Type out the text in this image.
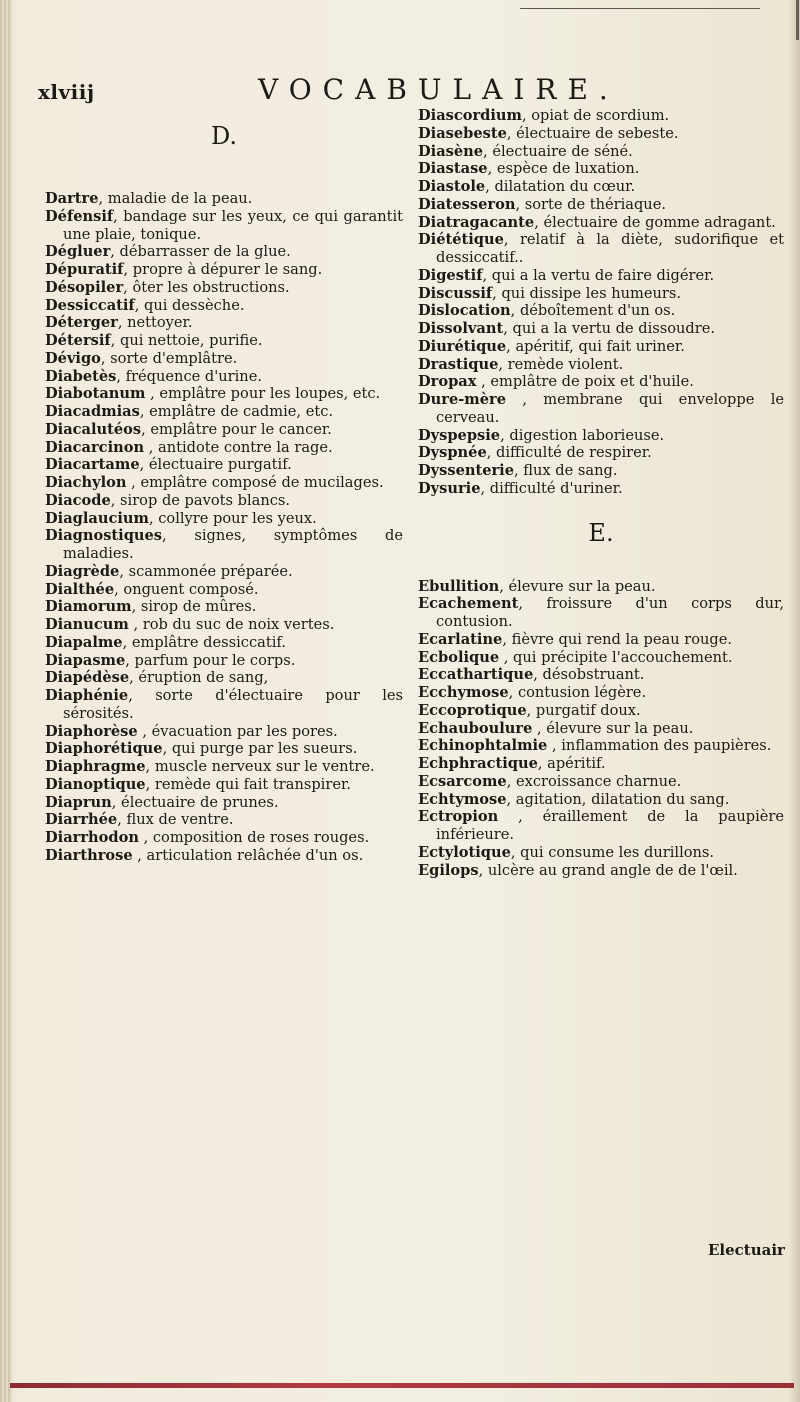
xlviij	VOCABULAIRE.
D.

Dartre, maladie de la peau.

Défensif, bandage sur les yeux, ce qui garantit une plaie, tonique.

Dégluer, débarrasser de la glue.

Dépuratif, propre à dépurer le sang.

Désopiler, ôter les obstructions.

Dessiccatif, qui dessèche.

Déterger, nettoyer.

Détersif, qui nettoie, purifie.

Dévigo, sorte d'emplâtre.

Diabetès, fréquence d'urine.

Diabotanum , emplâtre pour les loupes, etc.

Diacadmias, emplâtre de cadmie, etc.

Diacalutéos, emplâtre pour le cancer.

Diacarcinon , antidote contre la rage.

Diacartame, électuaire purgatif.

Diachylon , emplâtre composé de mucilages.

Diacode, sirop de pavots blancs.

Diaglaucium, collyre pour les yeux.

Diagnostiques, signes, symptômes de maladies.

Diagrède, scammonée préparée.

Dialthée, onguent composé.

Diamorum, sirop de mûres.

Dianucum , rob du suc de noix vertes.

Diapalme, emplâtre dessiccatif.

Diapasme, parfum pour le corps.

Diapédèse, éruption de sang,

Diaphénie, sorte d'électuaire pour les sérosités.

Diaphorèse , évacuation par les pores.

Diaphorétique, qui purge par les sueurs.

Diaphragme, muscle nerveux sur le ventre.

Dianoptique, remède qui fait transpirer.

Diaprun, électuaire de prunes.

Diarrhée, flux de ventre.

Diarrhodon , composition de roses rouges.

Diarthrose , articulation relâchée d'un os.

Diascordium, opiat de scordium.

Diasebeste, électuaire de sebeste.

Diasène, électuaire de séné.

Diastase, espèce de luxation.

Diastole, dilatation du cœur.

Diatesseron, sorte de thériaque.

Diatragacante, électuaire de gomme adragant.

Diététique, relatif à la diète, sudorifique et dessiccatif..

Digestif, qui a la vertu de faire digérer.

Discussif, qui dissipe les humeurs.

Dislocation, déboîtement d'un os.

Dissolvant, qui a la vertu de dissoudre.

Diurétique, apéritif, qui fait uriner.

Drastique, remède violent.

Dropax , emplâtre de poix et d'huile.

Dure-mère , membrane qui enveloppe le cerveau.

Dyspepsie, digestion laborieuse.

Dyspnée, difficulté de respirer.

Dyssenterie, flux de sang.

Dysurie, difficulté d'uriner.

E.

Ebullition, élevure sur la peau.

Ecachement, froissure d'un corps dur, contusion.

Ecarlatine, fièvre qui rend la peau rouge.

Ecbolique , qui précipite l'accouchement.

Eccathartique, désobstruant.

Ecchymose, contusion légère.

Eccoprotique, purgatif doux.

Echauboulure , élevure sur la peau.

Echinophtalmie , inflammation des paupières.

Echphractique, apéritif.

Ecsarcome, excroissance charnue.

Echtymose, agitation, dilatation du sang.

Ectropion , éraillement de la paupière inférieure.

Ectylotique, qui consume les durillons.

Egilops, ulcère au grand angle de de l'œil.

Electuair
